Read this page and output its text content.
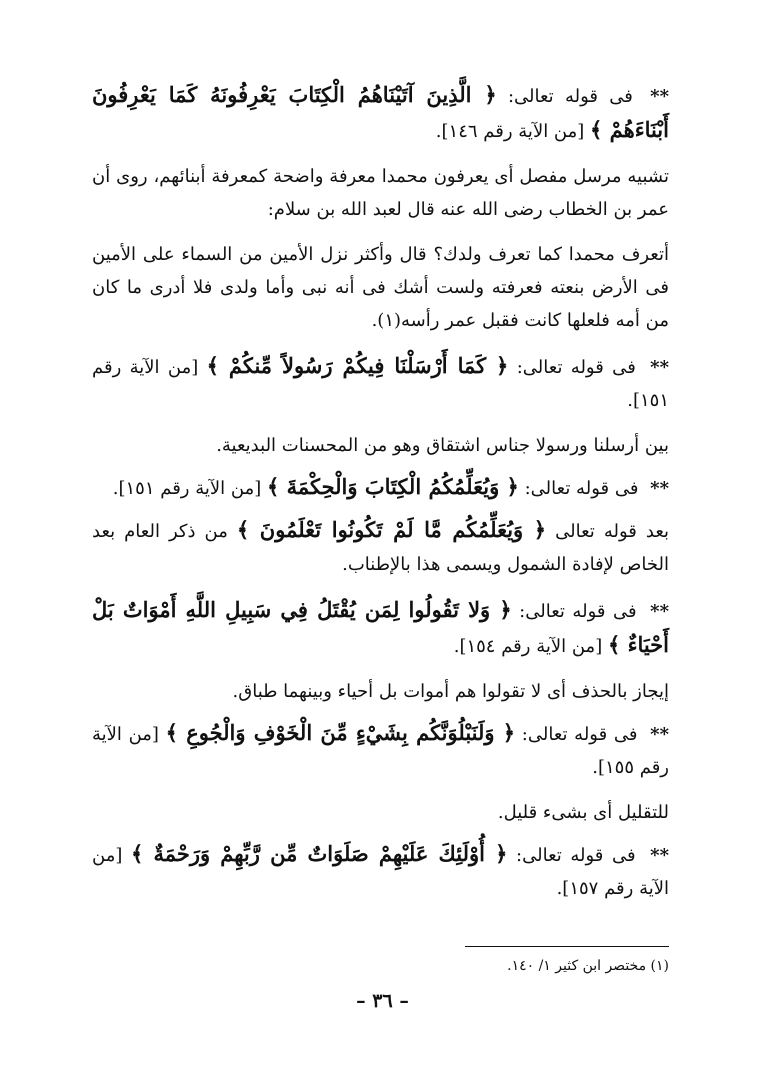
** فى قوله تعالى: ﴿ الَّذِينَ آتَيْنَاهُمُ الْكِتَابَ يَعْرِفُونَهُ كَمَا يَعْرِفُونَ أَبْنَاءَهُمْ ﴾ [من الآية رقم ١٤٦].

تشبيه مرسل مفصل أى يعرفون محمدا معرفة واضحة كمعرفة أبنائهم، روى أن عمر بن الخطاب رضى الله عنه قال لعبد الله بن سلام:

أتعرف محمدا كما تعرف ولدك؟ قال وأكثر نزل الأمين من السماء على الأمين فى الأرض بنعته فعرفته ولست أشك فى أنه نبى وأما ولدى فلا أدرى ما كان من أمه فلعلها كانت فقبل عمر رأسه(١).

** فى قوله تعالى: ﴿ كَمَا أَرْسَلْنَا فِيكُمْ رَسُولاً مِّنكُمْ ﴾ [من الآية رقم ١٥١].

بين أرسلنا ورسولا جناس اشتقاق وهو من المحسنات البديعية.

** فى قوله تعالى: ﴿ وَيُعَلِّمُكُمُ الْكِتَابَ وَالْحِكْمَةَ ﴾ [من الآية رقم ١٥١].

بعد قوله تعالى ﴿ وَيُعَلِّمُكُم مَّا لَمْ تَكُونُوا تَعْلَمُونَ ﴾ من ذكر العام بعد الخاص لإفادة الشمول ويسمى هذا بالإطناب.

** فى قوله تعالى: ﴿ وَلا تَقُولُوا لِمَن يُقْتَلُ فِي سَبِيلِ اللَّهِ أَمْوَاتٌ بَلْ أَحْيَاءٌ ﴾ [من الآية رقم ١٥٤].

إيجاز بالحذف أى لا تقولوا هم أموات بل أحياء وبينهما طباق.

** فى قوله تعالى: ﴿ وَلَنَبْلُوَنَّكُم بِشَيْءٍ مِّنَ الْخَوْفِ وَالْجُوعِ ﴾ [من الآية رقم ١٥٥].

للتقليل أى بشىء قليل.

** فى قوله تعالى: ﴿ أُوْلَئِكَ عَلَيْهِمْ صَلَوَاتٌ مِّن رَّبِّهِمْ وَرَحْمَةٌ ﴾ [من الآية رقم ١٥٧].

(١) مختصر ابن كثير ١/ ١٤٠.
– ٣٦ –
